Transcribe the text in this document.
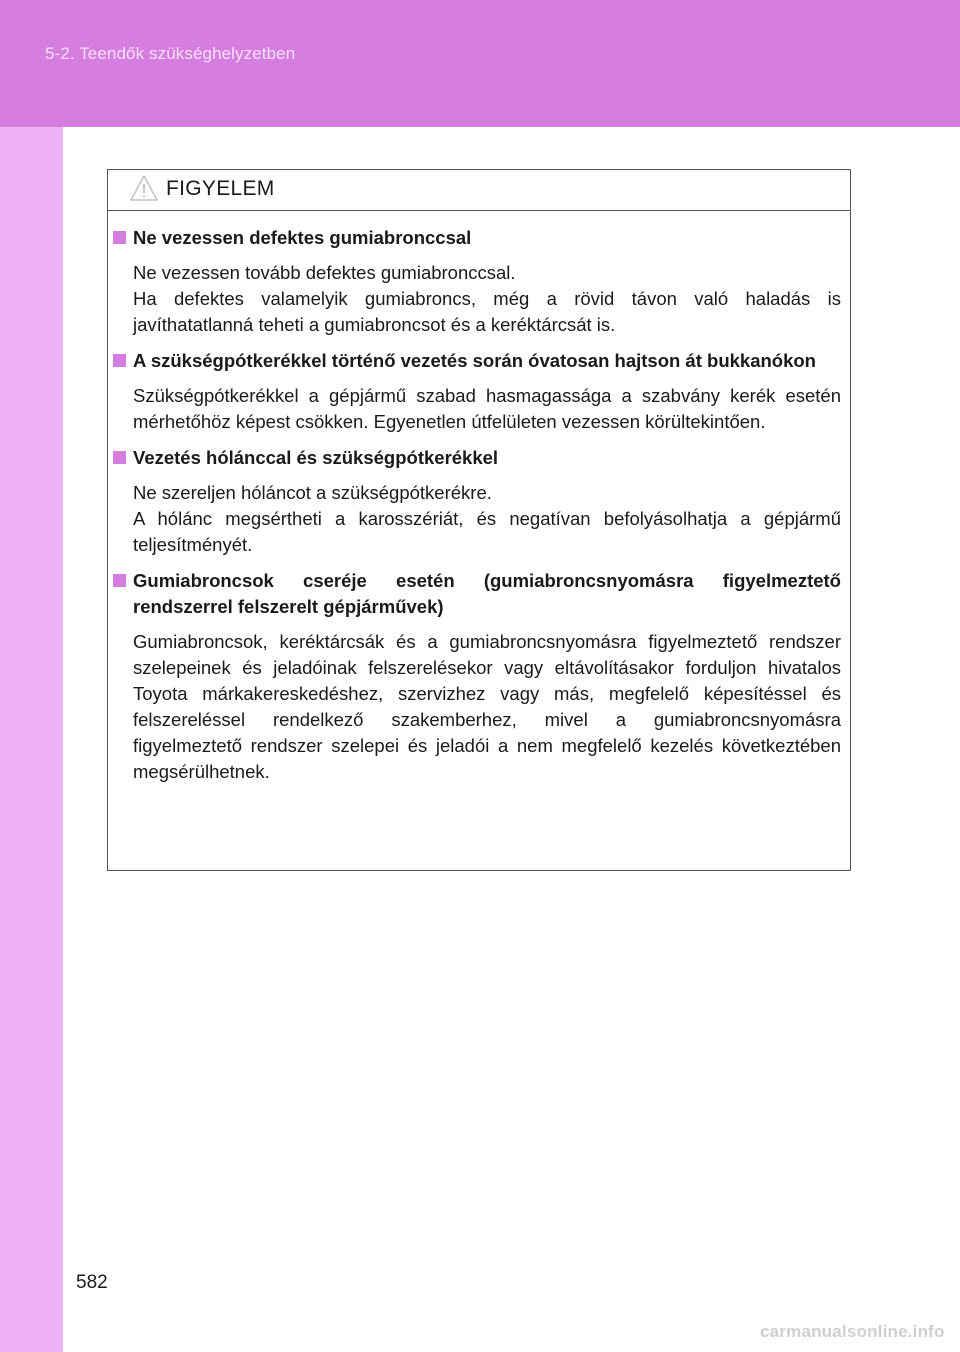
5-2. Teendők szükséghelyzetben
FIGYELEM
Ne vezessen defektes gumiabronccsal

Ne vezessen tovább defektes gumiabronccsal.

Ha defektes valamelyik gumiabroncs, még a rövid távon való haladás is javíthatatlanná teheti a gumiabroncsot és a keréktárcsát is.

A szükségpótkerékkel történő vezetés során óvatosan hajtson át bukkanókon

Szükségpótkerékkel a gépjármű szabad hasmagassága a szabvány kerék esetén mérhetőhöz képest csökken. Egyenetlen útfelületen vezessen körültekintően.

Vezetés hólánccal és szükségpótkerékkel

Ne szereljen hóláncot a szükségpótkerékre.

A hólánc megsértheti a karosszériát, és negatívan befolyásolhatja a gépjármű teljesítményét.

Gumiabroncsok cseréje esetén (gumiabroncsnyomásra figyelmeztető rendszerrel felszerelt gépjárművek)

Gumiabroncsok, keréktárcsák és a gumiabroncsnyomásra figyelmeztető rendszer szelepeinek és jeladóinak felszerelésekor vagy eltávolításakor forduljon hivatalos Toyota márkakereskedéshez, szervizhez vagy más, megfelelő képesítéssel és felszereléssel rendelkező szakemberhez, mivel a gumiabroncsnyomásra figyelmeztető rendszer szelepei és jeladói a nem megfelelő kezelés következtében megsérülhetnek.

582
carmanualsonline.info
